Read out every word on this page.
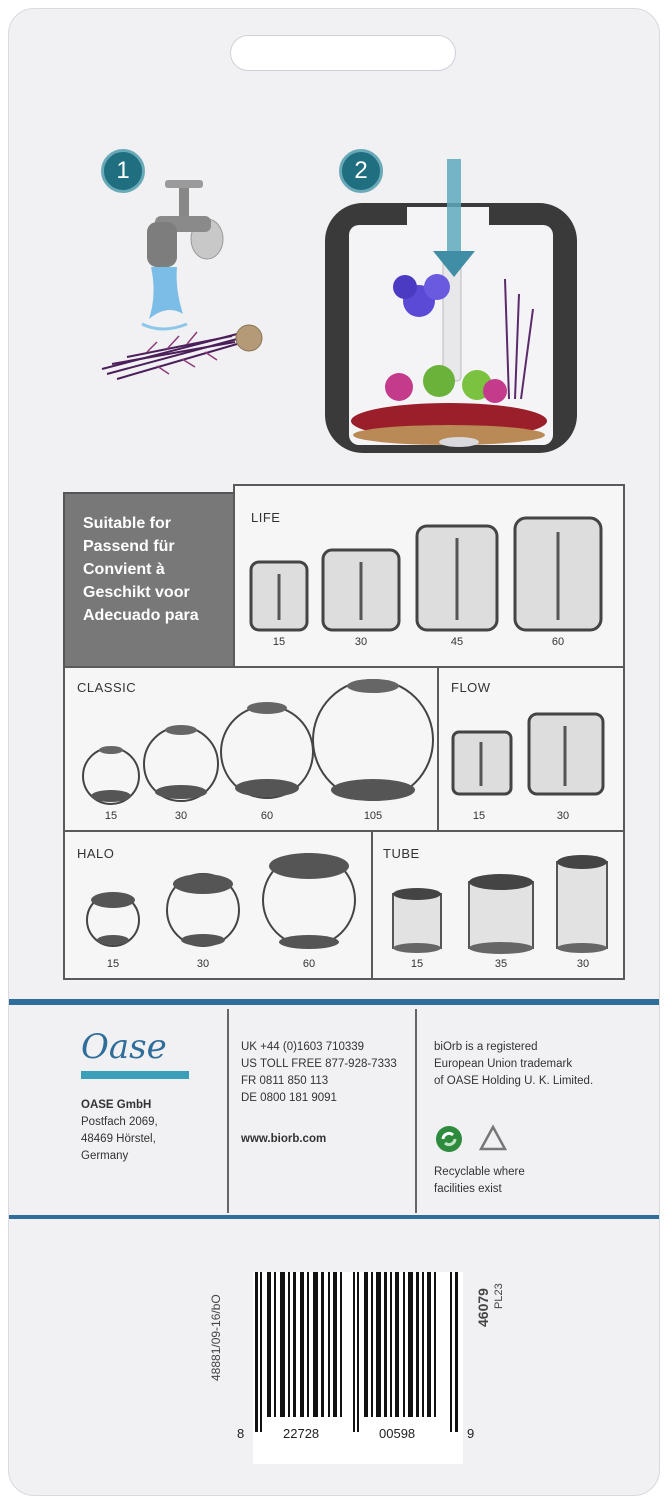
1	2
Suitable for
Passend für
Convient à
Geschikt voor
Adecuado para
LIFE
15	30	45	60
CLASSIC
15	30	60	105
FLOW
15	30
HALO
15	30	60
TUBE
15	35	30
Oase
OASE GmbH
Postfach 2069,
48469 Hörstel,
Germany
UK +44 (0)1603 710339
US TOLL FREE 877-928-7333
FR 0811 850 113
DE 0800 181 9091
www.biorb.com
biOrb is a registered
European Union trademark
of OASE Holding U. K. Limited.
Recyclable where
facilities exist
8	22728	00598	9
48881/09-16/bO	46079 PL23
